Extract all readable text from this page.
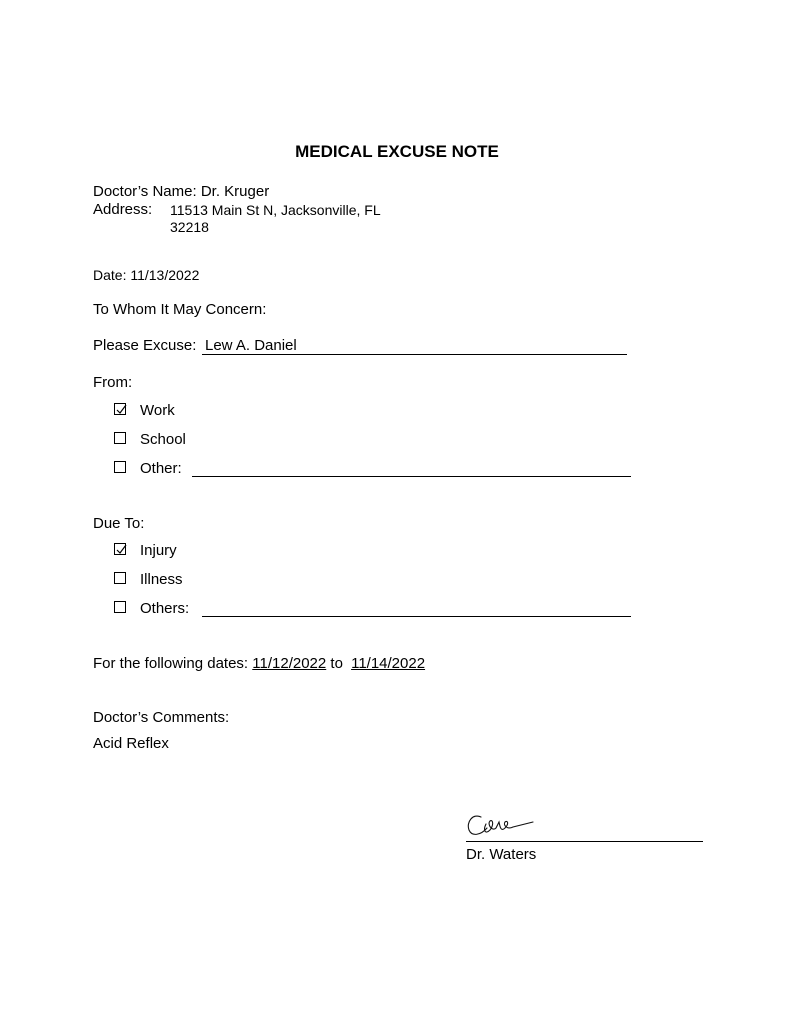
MEDICAL EXCUSE NOTE
Doctor’s Name: Dr. Kruger
Address: 11513 Main St N, Jacksonville, FL
32218
Date: 11/13/2022
To Whom It May Concern:
Please Excuse: Lew A. Daniel
From:
Work
School
Other:
Due To:
Injury
Illness
Others:
For the following dates: 11/12/2022 to 11/14/2022
Doctor’s Comments:
Acid Reflex
Dr. Waters
